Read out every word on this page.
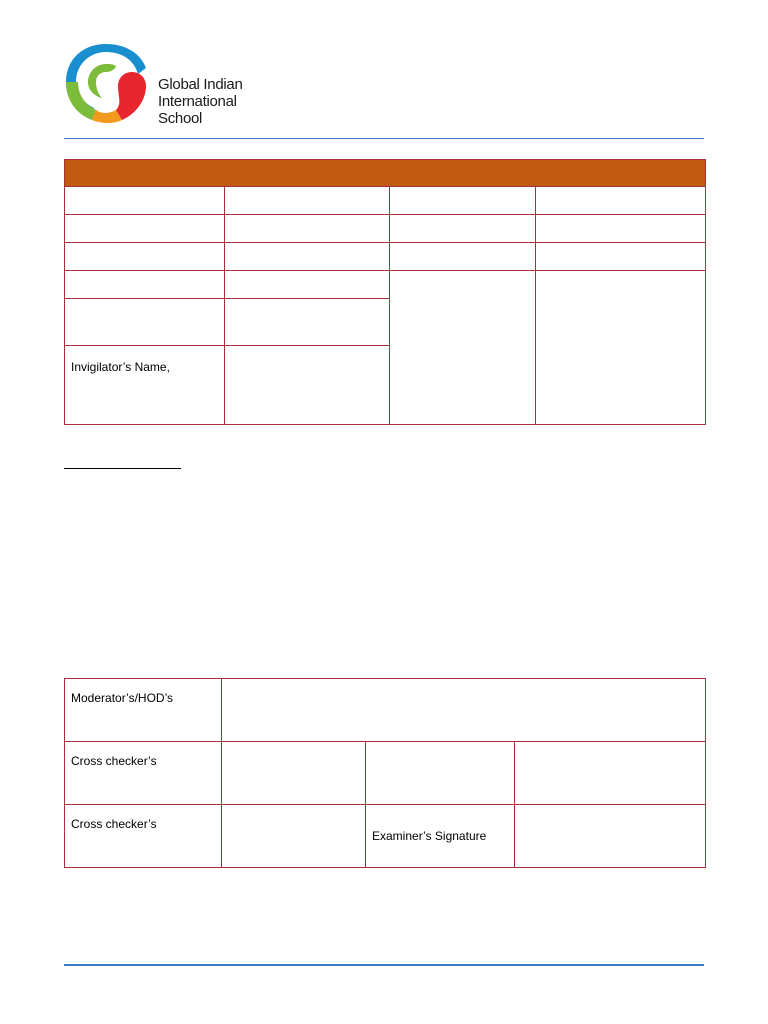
Global Indian
International
School

Invigilator’s Name,			
Moderator’s/HOD’s			
Cross checker’s			
Cross checker’s		Examiner’s Signature	
